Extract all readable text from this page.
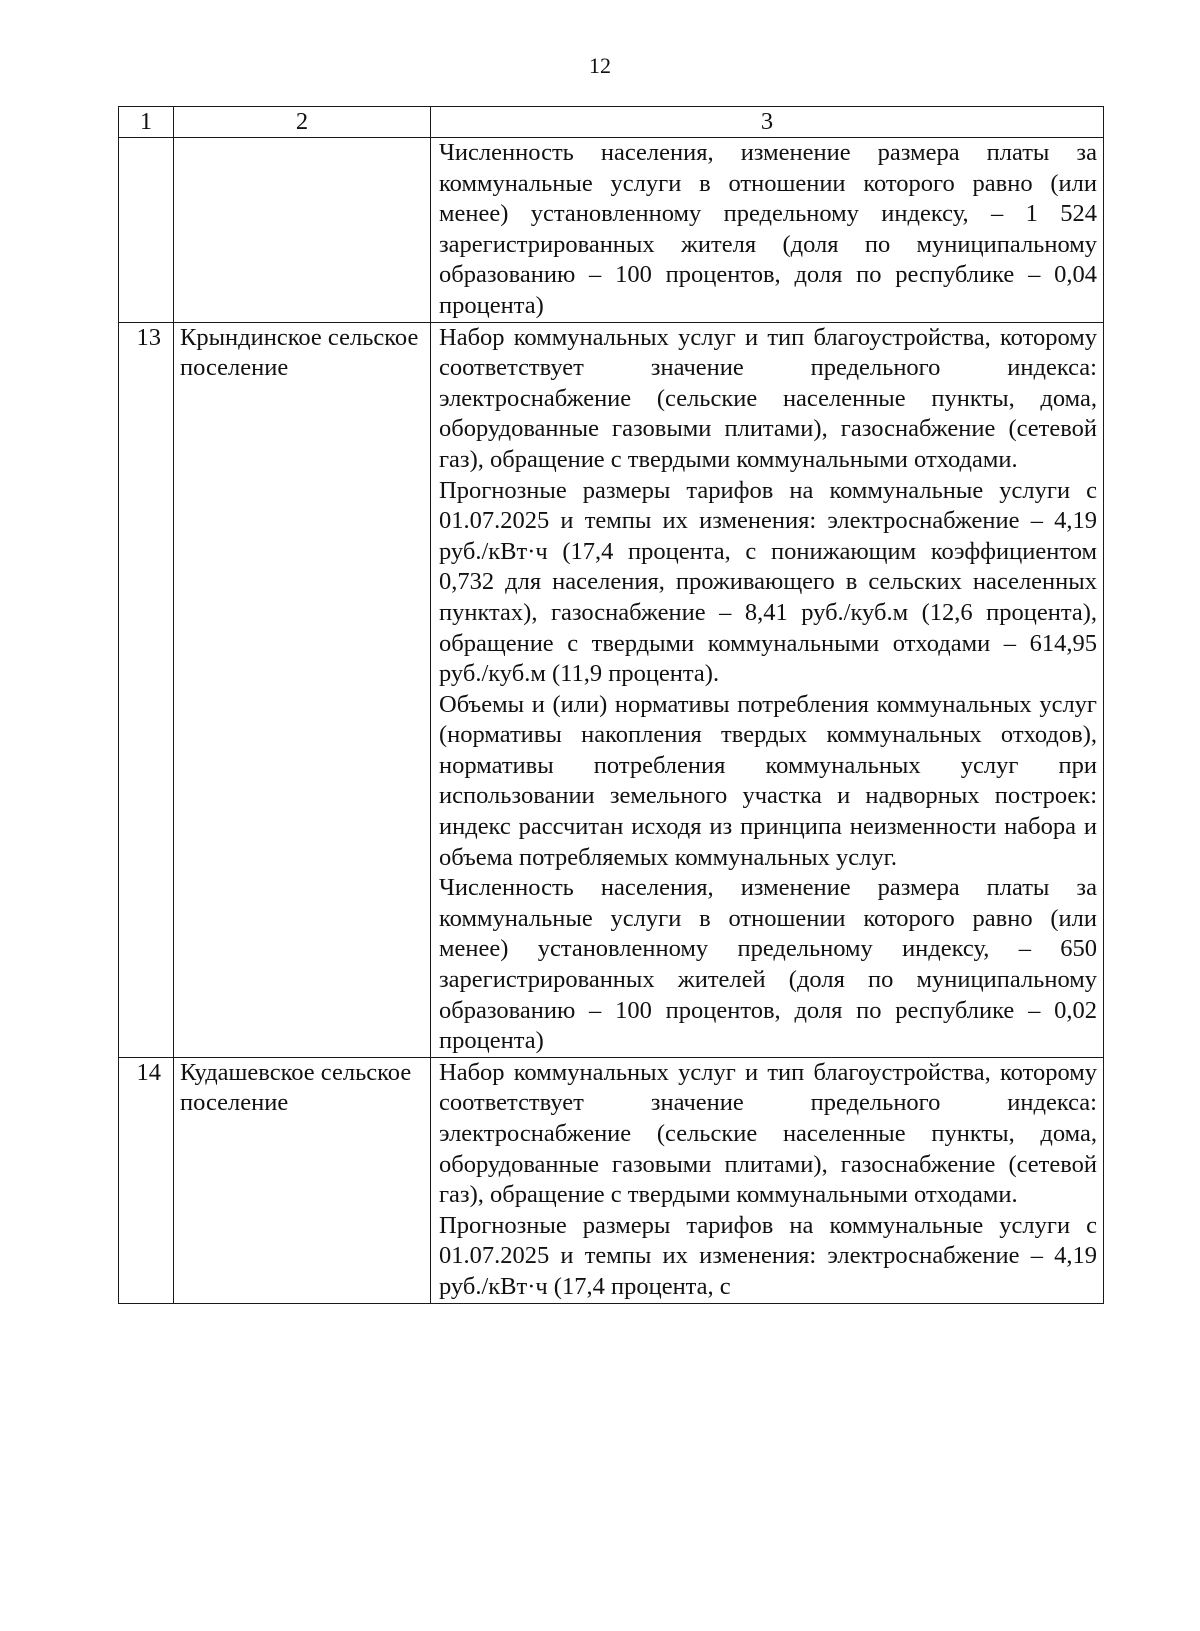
12
1	2	3

		Численность населения, изменение размера платы за коммунальные услуги в отношении которого равно (или менее) установленному предельному индексу, – 1 524 зарегистрированных жителя (доля по муниципальному образованию – 100 процентов, доля по республике – 0,04 процента)

13	Крындинское сельское поселение	Набор коммунальных услуг и тип благоустройства, которому соответствует значение предельного индекса: электроснабжение (сельские населенные пункты, дома, оборудованные газовыми плитами), газоснабжение (сетевой газ), обращение с твердыми коммунальными отходами.

Прогнозные размеры тарифов на коммунальные услуги с 01.07.2025 и темпы их изменения: электроснабжение – 4,19 руб./кВт·ч (17,4 процента, с понижающим коэффициентом 0,732 для населения, проживающего в сельских населенных пунктах), газоснабжение – 8,41 руб./куб.м (12,6 процента), обращение с твердыми коммунальными отходами – 614,95 руб./куб.м (11,9 процента).

Объемы и (или) нормативы потребления коммунальных услуг (нормативы накопления твердых коммунальных отходов), нормативы потребления коммунальных услуг при использовании земельного участка и надворных построек: индекс рассчитан исходя из принципа неизменности набора и объема потребляемых коммунальных услуг.

Численность населения, изменение размера платы за коммунальные услуги в отношении которого равно (или менее) установленному предельному индексу, – 650 зарегистрированных жителей (доля по муниципальному образованию – 100 процентов, доля по республике – 0,02 процента)

14	Кудашевское сельское поселение	Набор коммунальных услуг и тип благоустройства, которому соответствует значение предельного индекса: электроснабжение (сельские населенные пункты, дома, оборудованные газовыми плитами), газоснабжение (сетевой газ), обращение с твердыми коммунальными отходами.

Прогнозные размеры тарифов на коммунальные услуги с 01.07.2025 и темпы их изменения: электроснабжение – 4,19 руб./кВт·ч (17,4 процента, с
